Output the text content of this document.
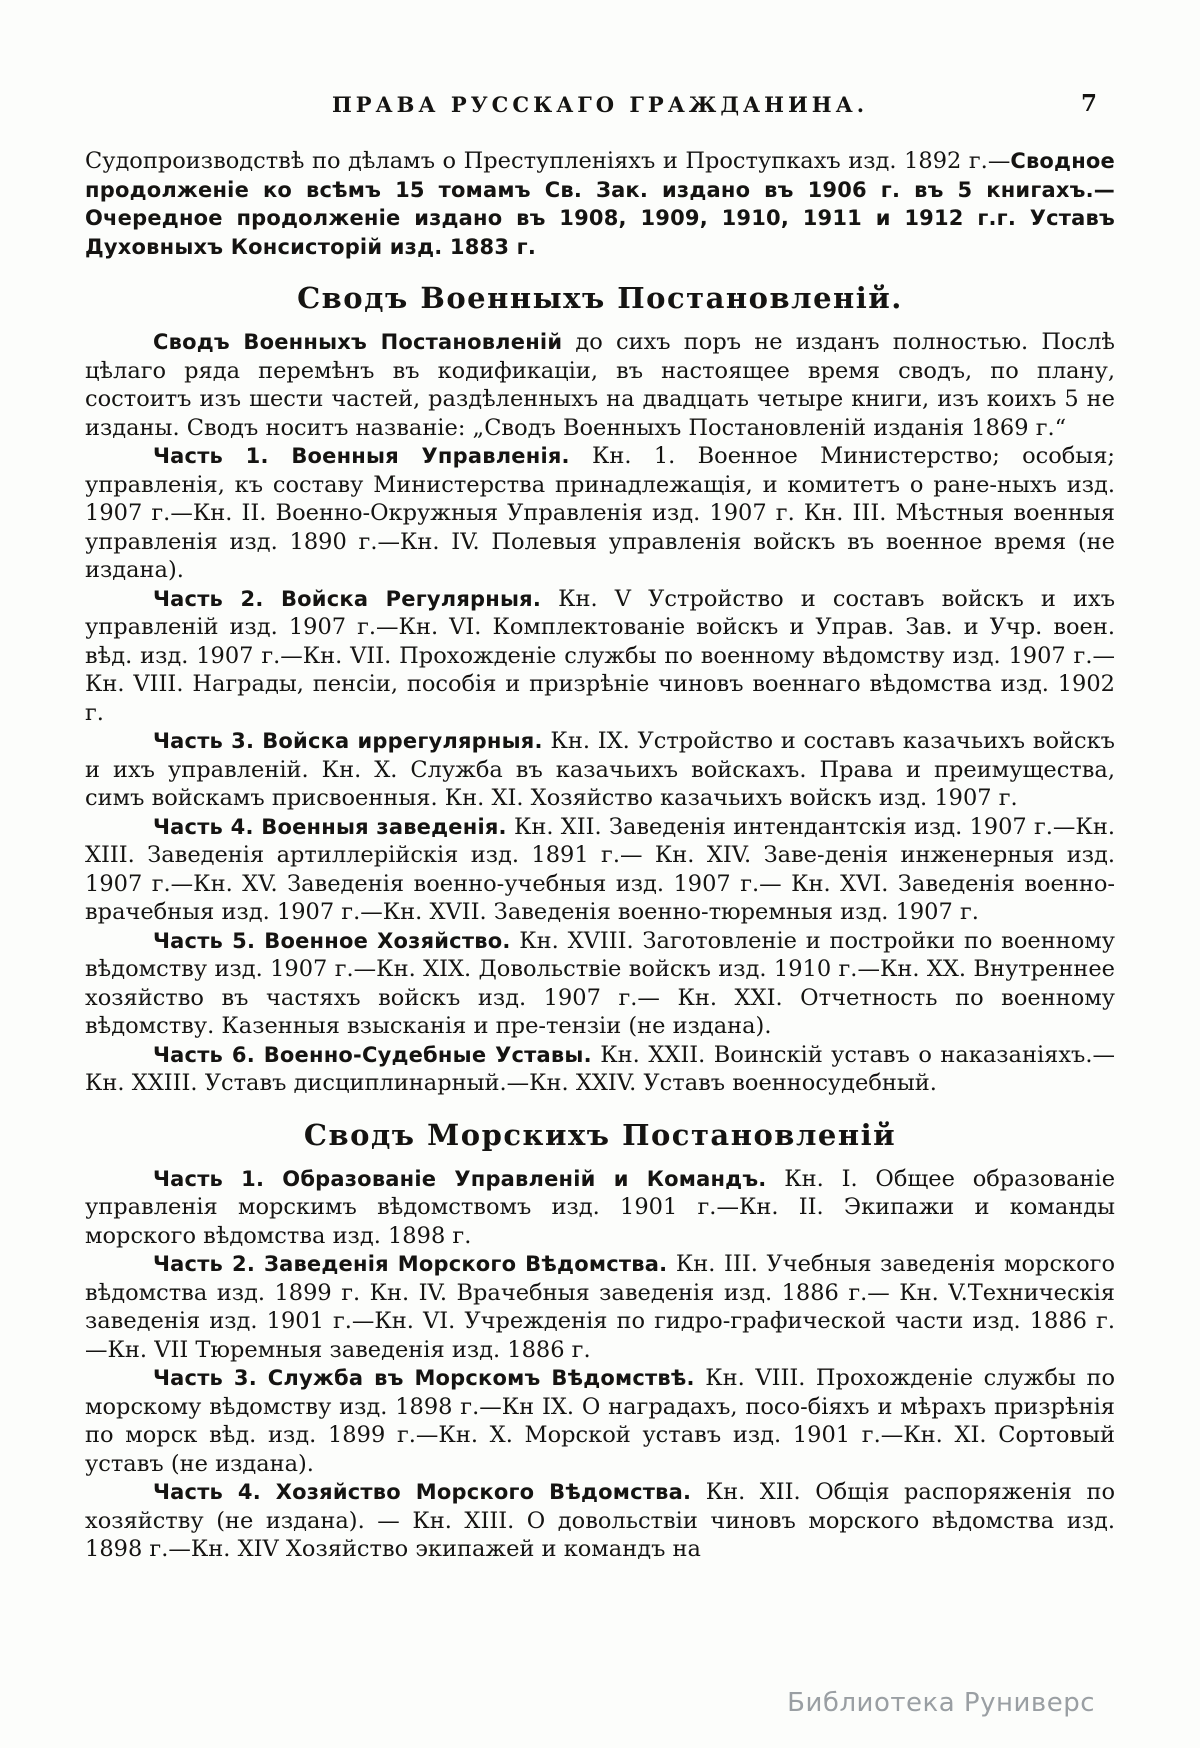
ПРАВА РУССКАГО ГРАЖДАНИНА.	7

Судопроизводствѣ по дѣламъ о Преступленіяхъ и Проступкахъ изд. 1892 г.—Сводное продолженіе ко всѣмъ 15 томамъ Св. Зак. издано въ 1906 г. въ 5 книгахъ.—Очередное продолженіе издано въ 1908, 1909, 1910, 1911 и 1912 г.г. Уставъ Духовныхъ Консисторій изд. 1883 г.

Сводъ Военныхъ Постановленій.

Сводъ Военныхъ Постановленій до сихъ поръ не изданъ полностью. Послѣ цѣлаго ряда перемѣнъ въ кодификаціи, въ настоящее время сводъ, по плану, состоитъ изъ шести частей, раздѣленныхъ на двадцать четыре книги, изъ коихъ 5 не изданы. Сводъ носитъ названіе: „Сводъ Военныхъ Постановленій изданія 1869 г.“

Часть 1. Военныя Управленія. Кн. 1. Военное Министерство; особыя; управленія, къ составу Министерства принадлежащія, и комитетъ о ране-ныхъ изд. 1907 г.—Кн. II. Военно-Окружныя Управленія изд. 1907 г. Кн. III. Мѣстныя военныя управленія изд. 1890 г.—Кн. IV. Полевыя управленія войскъ въ военное время (не издана).

Часть 2. Войска Регулярныя. Кн. V Устройство и составъ войскъ и ихъ управленій изд. 1907 г.—Кн. VI. Комплектованіе войскъ и Управ. Зав. и Учр. воен. вѣд. изд. 1907 г.—Кн. VII. Прохожденіе службы по военному вѣдомству изд. 1907 г.—Кн. VIII. Награды, пенсіи, пособія и призрѣніе чиновъ военнаго вѣдомства изд. 1902 г.

Часть 3. Войска иррегулярныя. Кн. IX. Устройство и составъ казачьихъ войскъ и ихъ управленій. Кн. X. Служба въ казачьихъ войскахъ. Права и преимущества, симъ войскамъ присвоенныя. Кн. XI. Хозяйство казачьихъ войскъ изд. 1907 г.

Часть 4. Военныя заведенія. Кн. XII. Заведенія интендантскія изд. 1907 г.—Кн. XIII. Заведенія артиллерійскія изд. 1891 г.— Кн. XIV. Заве-денія инженерныя изд. 1907 г.—Кн. XV. Заведенія военно-учебныя изд. 1907 г.— Кн. XVI. Заведенія военно-врачебныя изд. 1907 г.—Кн. XVII. Заведенія военно-тюремныя изд. 1907 г.

Часть 5. Военное Хозяйство. Кн. XVIII. Заготовленіе и постройки по военному вѣдомству изд. 1907 г.—Кн. XIX. Довольствіе войскъ изд. 1910 г.—Кн. XX. Внутреннее хозяйство въ частяхъ войскъ изд. 1907 г.— Кн. XXI. Отчетность по военному вѣдомству. Казенныя взысканія и пре-тензіи (не издана).

Часть 6. Военно-Судебные Уставы. Кн. XXII. Воинскій уставъ о наказаніяхъ.—Кн. XXIII. Уставъ дисциплинарный.—Кн. XXIV. Уставъ военносудебный.

Сводъ Морскихъ Постановленій

Часть 1. Образованіе Управленій и Командъ. Кн. I. Общее образованіе управленія морскимъ вѣдомствомъ изд. 1901 г.—Кн. II. Экипажи и команды морского вѣдомства изд. 1898 г.

Часть 2. Заведенія Морского Вѣдомства. Кн. III. Учебныя заведенія морского вѣдомства изд. 1899 г. Кн. IV. Врачебныя заведенія изд. 1886 г.— Кн. V.Техническія заведенія изд. 1901 г.—Кн. VI. Учрежденія по гидро-графической части изд. 1886 г.—Кн. VII Тюремныя заведенія изд. 1886 г.

Часть 3. Служба въ Морскомъ Вѣдомствѣ. Кн. VIII. Прохожденіе службы по морскому вѣдомству изд. 1898 г.—Кн IX. О наградахъ, посо-біяхъ и мѣрахъ призрѣнія по морск вѣд. изд. 1899 г.—Кн. X. Морской уставъ изд. 1901 г.—Кн. XI. Сортовый уставъ (не издана).

Часть 4. Хозяйство Морского Вѣдомства. Кн. XII. Общія распоряженія по хозяйству (не издана). — Кн. XIII. О довольствіи чиновъ морского вѣдомства изд. 1898 г.—Кн. XIV Хозяйство экипажей и командъ на

Библиотека Руниверс
